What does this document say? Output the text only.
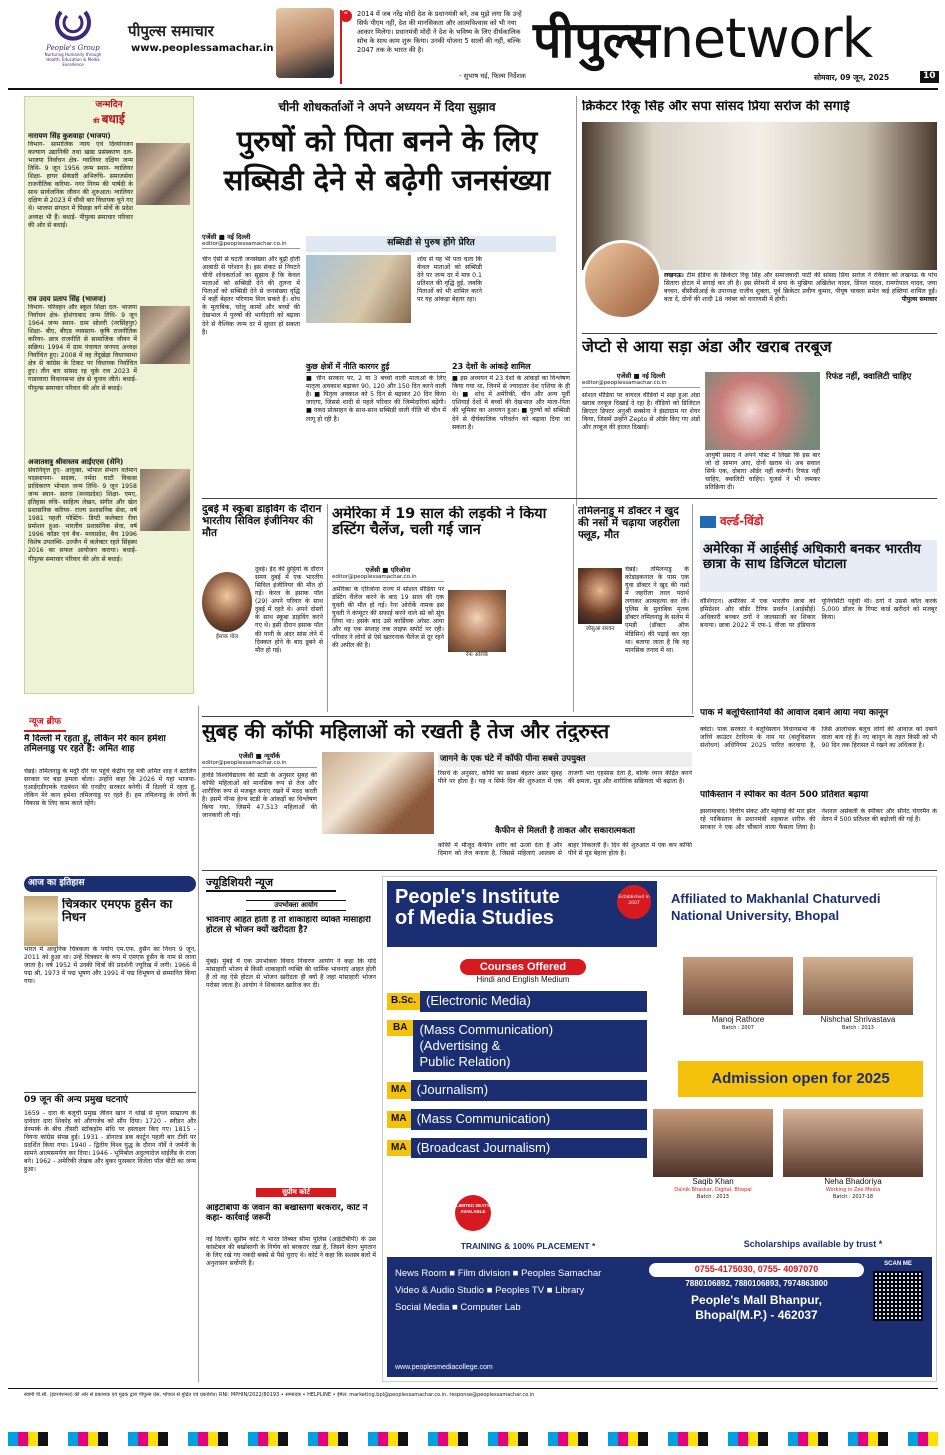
People's Group
Nurturing Humanity through Health, Education & Media Excellence
पीपुल्स समाचार
www.peoplessamachar.in
“	2014 में जब नरेंद्र मोदी देश के प्रधानमंत्री बने, तब मुझे लगा कि उन्हें सिर्फ पीएम नहीं, देश की मानसिकता और आत्मविश्वास को भी नया आकार मिलेगा। प्रधानमंत्री मोदी ने देश के भविष्य के लिए दीर्घकालिक सोच के साथ काम शुरू किया। उनकी योजना 5 सालों की नहीं, बल्कि 2047 तक के भारत की है।
- सुभाष घई, फिल्म निर्देशक
पीपुल्सnetwork
सोमवार, 09 जून, 2025	10
जन्मदिन
की बधाई
नारायण सिंह कुशवाहा (भाजपा)
विभाग- सामाजिक न्याय एवं दिव्यांगजन कल्याण उद्यानिकी तथा खाद्य प्रसंस्करण दल- भाजपा निर्वाचन क्षेत्र- ग्वालियर दक्षिण जन्म तिथि- 9 जून 1956 जन्म स्थान- ग्वालियर शिक्षा- हायर सेकंडरी अभिरुचि- समाजसेवा राजनीतिक करियर- नगर निगम की पार्षदी के साथ सार्वजनिक जीवन की शुरुआत। ग्वालियर दक्षिण से 2023 में चौथी बार विधायक चुने गए थे। भाजपा संगठन में पिछड़ा वर्ग मोर्चे के प्रदेश अध्यक्ष भी हैं। बधाई- पीपुल्स समाचार परिवार की ओर से बधाई।
राव उदय प्रताप सिंह (भाजपा)
विभाग- परिवहन और स्कूल शिक्षा दल- भाजपा निर्वाचन क्षेत्र- होशंगाबाद जन्म तिथि- 9 जून 1964 जन्म स्थान- ग्राम सोलरी (नरसिंहपुर) शिक्षा- बीए, बीएड व्यवसाय- कृषि राजनीतिक करियर- छात्र राजनीति से सामाजिक जीवन में सक्रिय। 1994 में ग्राम पंचायत जनपद अध्यक्ष निर्वाचित हुए। 2008 में वह तेंदूखेड़ा विधानसभा क्षेत्र से कांग्रेस के टिकट पर विधायक निर्वाचित हुए। तीन बार सांसद रह चुके राव 2023 में गाडरवारा विधानसभा क्षेत्र से चुनाव जीते। बधाई- पीपुल्स समाचार परिवार की ओर से बधाई।
अजातशत्रु श्रीवास्तव आईएएस (सेनि)
सेवानिवृत्त हुए- आयुक्त, भोपाल संभाग वर्तमान पदस्थापना- सदस्य, नर्मदा घाटी विकास प्राधिकरण भोपाल जन्म तिथि- 9 जून 1958 जन्म स्थान- सतना (मध्यप्रदेश) शिक्षा- एमए, इतिहास रुचि- साहित्य लेखन, संगीत और खेल प्रशासनिक करियर- राज्य प्रशासनिक सेवा, वर्ष 1981 पहली पोस्टिंग- डिप्टी कलेक्टर रीवा प्रमोशन हुआ- भारतीय प्रशासनिक सेवा, वर्ष 1996 कॉडर एवं बैच- मध्यप्रदेश, बैच 1996 विशेष उपलब्धि- उज्जैन में कलेक्टर रहते सिंहस्थ 2016 का सफल आयोजन कराया। बधाई- पीपुल्स समाचार परिवार की ओर से बधाई।
चीनी शोधकर्ताओं ने अपने अध्ययन में दिया सुझाव
पुरुषों को पिता बनने के लिए सब्सिडी देने से बढ़ेगी जनसंख्या
सब्सिडी से पुरुष होंगे प्रेरित
एजेंसी ■ नई दिल्ली
editor@peoplessamachar.co.in
चीन ऐसी से घटती जनसंख्या और बूढ़ी होती आबादी से परेशान है। इस संकट से निपटने चीनी शोधकर्ताओं का सुझाव है कि केवल माताओं को सब्सिडी देने की तुलना में पिताओं को सब्सिडी देने से जनसंख्या वृद्धि में कहीं बेहतर परिणाम मिल सकते हैं। शोध के मुताबिक, घरेलू कामों और बच्चों की देखभाल में पुरुषों की भागीदारी को बढ़ावा देने से वैश्विक जन्म दर में सुधार हो सकता है।
शोध से यह भी पता चला कि केवल माताओं को सब्सिडी देने पर जन्म दर में मात्र 0.1 प्रतिशत की वृद्धि हुई, जबकि पिताओं को भी शामिल करने पर यह आंकड़ा बेहतर रहा।
कुछ क्षेत्रों में नीति कारगर हुई
■ चीन सरकार पर, 2 या 3 बच्चों वाली माताओं के लिए मातृत्व अवकाश बढ़ाकर 90, 120 और 150 दिन करने वाली है। ■ पितृत्व अवकाश को 5 दिन से बढ़ाकर 20 दिन किया जाएगा, जिससे शादी से पहले परिवार की जिम्मेदारियां बढ़ेंगी। ■ नकद प्रोत्साहन के साथ-साथ सब्सिडी वाली नीति भी चीन में लागू हो रही है।
23 देशों के आंकड़े शामिल
■ इस अध्ययन में 23 देशों के आंकड़ों का विश्लेषण किया गया था, जिनमें से ज्यादातर देश एशिया के ही थे। ■ शोध में अमेरिकी, चीन और अन्य पूर्वी एशियाई देशों में बच्चों की देखभाल और माता-पिता की भूमिका का अध्ययन हुआ। ■ पुरुषों को सब्सिडी देने से दीर्घकालिक परिवर्तन को बढ़ावा दिया जा सकता है।
क्रिकेटर रिंकू सिंह और सपा सांसद प्रिया सरोज की सगाई
लखनऊ। टीम इंडिया के क्रिकेटर रिंकू सिंह और समाजवादी पार्टी की सांसद प्रिया सरोज ने रविवार को लखनऊ के पांच सितारा होटल में सगाई कर ली है। इस सेरेमनी में सपा के मुखिया अखिलेश यादव, डिंपल यादव, रामगोपाल यादव, जया बच्चन, बीसीसीआई के उपाध्यक्ष राजीव शुक्ला, पूर्व क्रिकेटर प्रवीण कुमार, पीयूष चावला समेत कई हस्तियां शामिल हुईं। बता दें, दोनों की शादी 18 नवंबर को वाराणसी में होगी।	पीपुल्स समाचार
जेप्टो से आया सड़ा अंडा और खराब तरबूज
एजेंसी ■ नई दिल्ली
editor@peoplessamachar.co.in
सोशल मीडिया पर वायरल वीडियो में सड़ा हुआ अंडा खराब तरबूज दिखाई दे रहा है। वीडियो को डिजिटल क्रिएटर डिफ्टर अनुश्री सक्सेना ने इंस्टाग्राम पर शेयर किया, जिसमें उन्होंने Zepto से ऑर्डर किए गए अंडों और तरबूज की हालत दिखाई।
आयुषी प्रसाद ने अपने पोस्ट में लिखा कि इस बार जो दो सामान आए, दोनों खराब थे। अब सवाल सिर्फ एक, दोबारा ऑर्डर नहीं करूंगी। रिफंड नहीं चाहिए, क्वालिटी चाहिए। यूजर्स ने भी जमकर प्रतिक्रिया दी।
रिफंड नहीं, क्वालिटी चाहिए
दुबई में स्कूबा डाइविंग के दौरान भारतीय सिविल इंजीनियर की मौत
ईसाक पॉल
दुबई। ईद की छुट्टियों के दौरान समय दुबई में एक भारतीय सिविल इंजीनियर की मौत हो गई। केरल के इसाक पॉल (29) अपने परिवार के साथ दुबई में रहते थे। अपने दोस्तों के साथ स्कूबा डाइविंग करने गए थे। इसी दौरान इसाक पॉल की पानी के अंदर सांस लेने में दिक्कत होने के बाद डूबने से मौत हो गई।
अमेरिका में 19 साल की लड़की ने किया डस्टिंग चैलेंज, चली गई जान
एजेंसी ■ एरिजोना
editor@peoplessamachar.co.in
रेना ओरोर्के
अमेरिका के एरिजोना राज्य में सोशल मीडिया पर डस्टिंग चैलेंज करने के बाद 19 साल की एक युवती की मौत हो गई। रेना ओरोर्के नामक इस युवती ने कंप्यूटर की सफाई करने वाले स्प्रे को सूंघ लिया था। इसके बाद उसे कार्डियक अरेस्ट आया और वह एक सप्ताह तक लाइफ सपोर्ट पर रही। परिवार ने लोगों से ऐसे खतरनाक चैलेंज से दूर रहने की अपील की है।
तमिलनाडु में डॉक्टर ने खुद की नसों में चढ़ाया जहरीला फ्लूड, मौत
जोसुआ सरवन
चेन्नई। तमिलनाडु के कोडाइकनाल के पास एक युवा डॉक्टर ने खुद की नसों में जहरीला तरल पदार्थ लगाकर आत्महत्या कर ली। पुलिस के मुताबिक मृतक डॉक्टर तमिलनाडु के सलेम में एमडी (डॉक्टर ऑफ मेडिसिन) की पढ़ाई कर रहा था। बताया जाता है कि वह मानसिक तनाव में था।
वर्ल्ड-विंडो
अमेरिका में आईसीई अधिकारी बनकर भारतीय छात्रा के साथ डिजिटल घोटाला
वॉशिंगटन। अमेरिका में एक भारतीय छात्रा को इमिग्रेशन और बॉर्डर टैरिफ प्रवर्तन (आईसीई) अधिकारी बनकर ठगों ने जालसाजी का शिकार बनाया। छात्रा 2022 में एफ-1 वीजा पर इंडियाना यूनिवर्सिटी पहुंची थी। ठगों ने उससे कॉल करके 5,000 डॉलर के गिफ्ट कार्ड खरीदने को मजबूर किया।
पाक में बलूचिस्तानियों की आवाज दबाने आया नया कानून
क्वेटा। पाक सरकार ने बलूचिस्तान विधानसभा के जरिये काउंटर टेररिज्म के नाम पर (बलूचिस्तान संशोधन) अधिनियम 2025 पारित करवाया है, जिसे आलोचक बलूच लोगों की आवाज को दबाने वाला बता रहे हैं। नए कानून के तहत किसी को भी 90 दिन तक हिरासत में रखने का अधिकार है।
पाकिस्तान ने स्पीकर का वेतन 500 प्रतिशत बढ़ाया
इस्लामाबाद। वित्तीय संकट और महंगाई की मार झेल रहे पाकिस्तान के प्रधानमंत्री शहबाज शरीफ की सरकार ने एक और चौंकाने वाला फैसला लिया है। नेशनल असेंबली के स्पीकर और सीनेट चेयरमैन के वेतन में 500 प्रतिशत की बढ़ोतरी की गई है।
सुबह की कॉफी महिलाओं को रखती है तेज और तंदुरुस्त
एजेंसी ■ न्यूयॉर्क
editor@peoplessamachar.co.in
हार्वर्ड विश्वविद्यालय की स्टडी के अनुसार सुबह की कॉफी महिलाओं को मानसिक रूप से तेज और शारीरिक रूप से मजबूत बनाए रखने में मदद करती है। इसमें नॉन्स हेल्थ स्टडी के आंकड़ों का विश्लेषण किया गया, जिसमें 47,513 महिलाओं की जानकारी ली गई।
जागने के एक घंटे में कॉफी पीना सबसे उपयुक्त
रिसर्च के अनुसार, कॉफी का सबसे बेहतर असर सुबह पीने पर होता है। यह न सिर्फ दिन की शुरुआत में एक ताजगी भरा एहसास देता है, बल्कि ध्यान केंद्रित करने की क्षमता, मूड और शारीरिक सक्रियता भी बढ़ाता है।
कैफीन से मिलती है ताकत और सकारात्मकता
कॉफी में मौजूद कैफीन शरीर को ऊर्जा देता है और दिमाग को तेज बनाता है, जिससे महिलाएं आलस्य से बाहर निकलती हैं। दिन की शुरुआत में एक कप कॉफी पीने से मूड बेहतर होता है।
न्यूज ब्रीफ
मैं दिल्ली में रहता हूं, लेकिन मेरे कान हमेशा तमिलनाडु पर रहते हैं: अमित शाह
चेन्नई। तमिलनाडु के मदुरै दौरे पर पहुंचे केंद्रीय गृह मंत्री अमित शाह ने स्टालिन सरकार पर बड़ा हमला बोला। उन्होंने कहा कि 2026 में यहां भाजपा-एआईएडीएमके गठबंधन की एनडीए सरकार बनेगी। मैं दिल्ली में रहता हूं, लेकिन मेरे कान हमेशा तमिलनाडु पर रहते हैं। हम तमिलनाडु के लोगों के विकास के लिए काम करते रहेंगे।
आज का इतिहास
चित्रकार एमएफ हुसैन का निधन
भारत में आधुनिक चित्रकला के पर्याय एम.एफ. हुसैन का निधन 9 जून, 2011 को हुआ था। उन्हें चित्रकार के रूप में एमएफ हुसैन के नाम से जाना जाता है। वर्ष 1952 में उनकी चित्रों की प्रदर्शनी ज्यूरिख में लगी। 1966 में पद्म श्री, 1973 में पद्म भूषण और 1991 में पद्म विभूषण से सम्मानित किया गया।
09 जून की अन्य प्रमुख घटनाएं
1659 - दारा के बलूची प्रमुख जीवन खान ने धोखे से मुगल साम्राज्य के दावेदार दारा शिकोह को औरंगजेब को सौंप दिया। 1720 - स्वीडन और डेनमार्क के बीच तीसरी स्टॉकहोम संधि पर हस्ताक्षर किए गए। 1815 - वियना कांग्रेस संपन्न हुई। 1931 - डोनाल्ड डक कार्टून पहली बार टीवी पर प्रदर्शित किया गया। 1940 - द्वितीय विश्व युद्ध के दौरान नॉर्वे ने जर्मनी के सामने आत्मसमर्पण कर दिया। 1946 - भूमिबोल अदुल्यादेज थाईलैंड के राजा बने। 1962 - अमेरिकी लेखक और बुकर पुरस्कार विजेता पॉल बीटी का जन्म हुआ।
ज्यूडिशियरी न्यूज
उपभोक्ता आयोग
भावनाएं आहत होती हैं तो शाकाहारी व्यक्ति मांसाहारी होटल से भोजन क्यों खरीदता है?
मुंबई। मुंबई में एक उपभोक्ता विवाद निवारण आयोग ने कहा कि यदि मांसाहारी भोजन से किसी शाकाहारी व्यक्ति की धार्मिक भावनाएं आहत होती हैं तो वह ऐसे होटल से भोजन खरीदता ही क्यों है जहां मांसाहारी भोजन परोसा जाता है। आयोग ने शिकायत खारिज कर दी।
सुप्रीम कोर्ट
आईटीबीपी के जवान की बर्खास्तगी बरकरार, कोर्ट ने कहा- कार्रवाई जरूरी
नई दिल्ली। सुप्रीम कोर्ट ने भारत तिब्बत सीमा पुलिस (आईटीबीपी) के उस कांस्टेबल की बर्खास्तगी के निर्णय को बरकरार रखा है, जिसने वेतन भुगतान के लिए रखे गए नकदी बक्से से पैसे चुराए थे। कोर्ट ने कहा कि सशस्त्र बलों में अनुशासन सर्वोपरि है।
People's Institute
of Media Studies
Established in 2007	Affiliated to Makhanlal Chaturvedi
National University, Bhopal
Courses Offered
Hindi and English Medium
B.Sc. (Electronic Media)
BA (Mass Communication)
(Advertising &
Public Relation)
MA (Journalism)
MA (Mass Communication)
MA (Broadcast Journalism)
LIMITED SEATS AVAILABLE
TRAINING & 100% PLACEMENT *
Manoj Rathore
Batch : 2007
Nishchal Shrivastava
Batch : 2013
Admission open for 2025
Saqib Khan
Dainik Bhaskar, Digital, Bhopal
Batch : 2013
Neha Bhadoriya
Working in Zee Media
Batch : 2017-18
Scholarships available by trust *
News Room ■ Film division ■ Peoples Samachar
Video & Audio Studio ■ Peoples TV ■ Library
Social Media ■ Computer Lab
0755-4175030, 0755- 4097070
7880106892, 7880106893, 7974863800
People's Mall Bhanpur,
Bhopal(M.P.) - 462037
SCAN ME
www.peoplesmediacollege.com
स्वामी पी.सी. (इंटरनेशनल) की ओर से प्रकाशक एवं मुद्रक द्वारा पीपुल्स प्रेस, भोपाल से मुद्रित एवं प्रकाशित। RNI: MPHIN/2022/80193 • सम्पादक • HELPLINE • ईमेल: marketing.bpl@peoplessamachar.co.in, response@peoplessamachar.co.in
